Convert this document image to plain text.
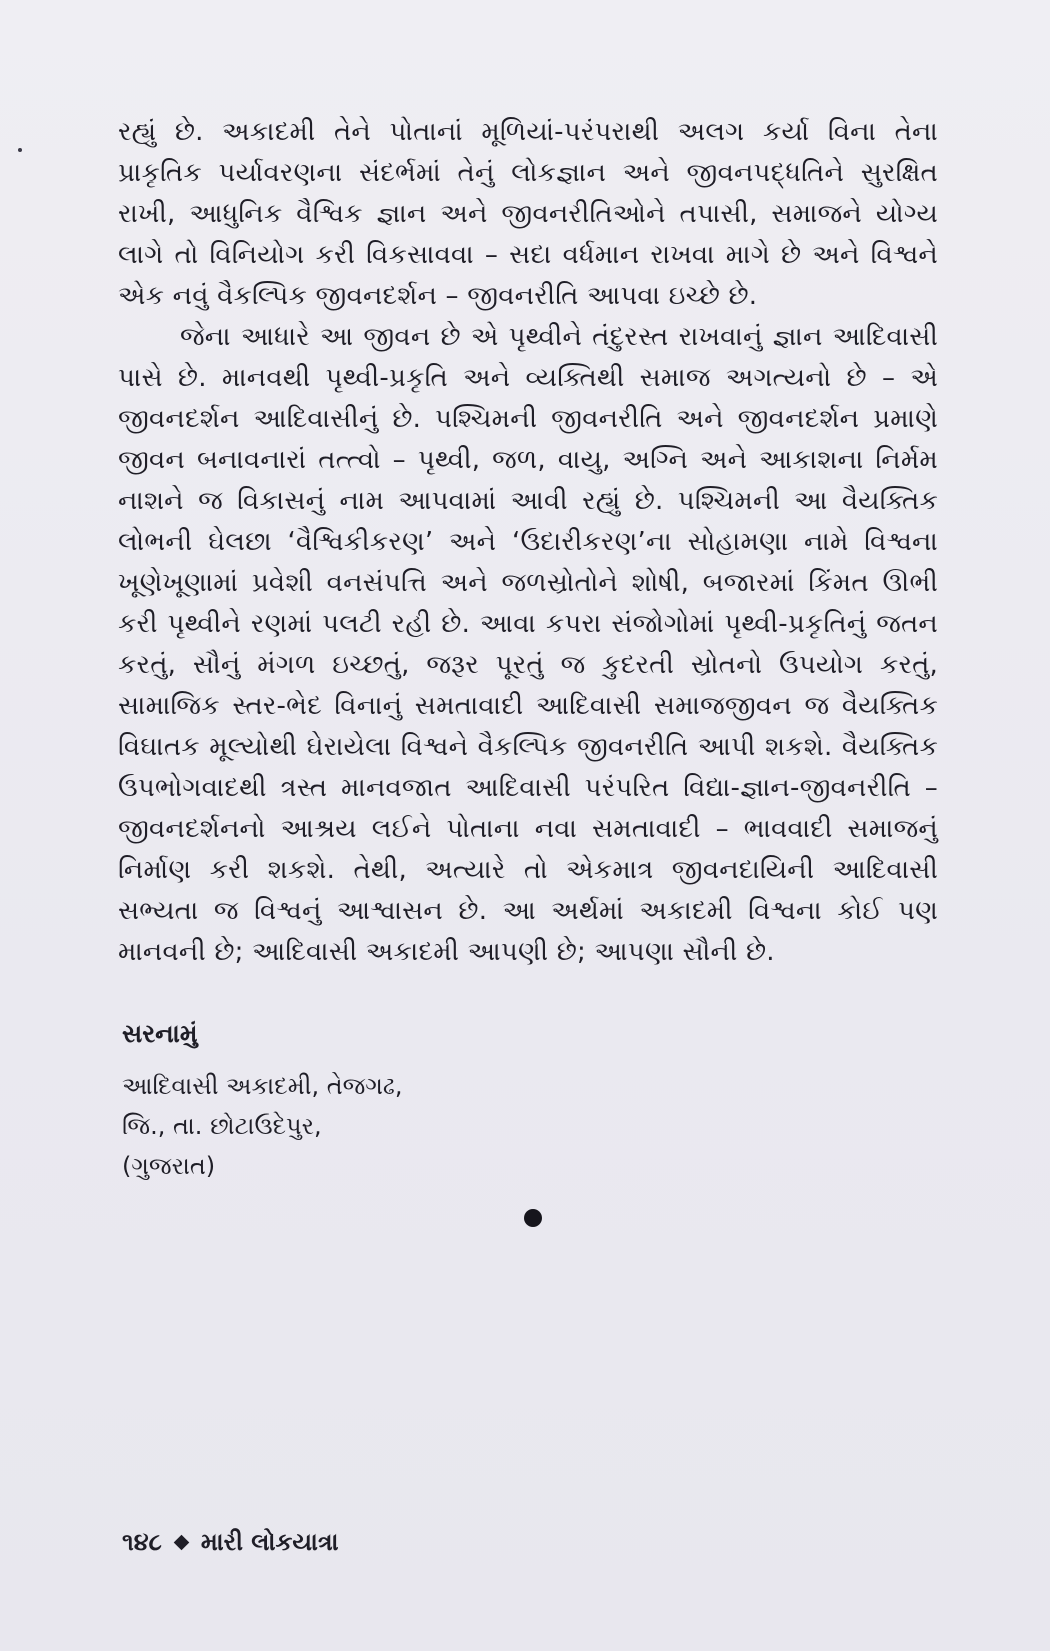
રહ્યું છે. અકાદમી તેને પોતાનાં મૂળિયાં-પરંપરાથી અલગ કર્યા વિના તેના પ્રાકૃતિક પર્યાવરણના સંદર્ભમાં તેનું લોકજ્ઞાન અને જીવનપદ્ધતિને સુરક્ષિત રાખી, આધુનિક વૈશ્વિક જ્ઞાન અને જીવનરીતિઓને તપાસી, સમાજને યોગ્ય લાગે તો વિનિયોગ કરી વિકસાવવા – સદા વર્ધમાન રાખવા માગે છે અને વિશ્વને એક નવું વૈકલ્પિક જીવનદર્શન – જીવનરીતિ આપવા ઇચ્છે છે.

જેના આધારે આ જીવન છે એ પૃથ્વીને તંદુરસ્ત રાખવાનું જ્ઞાન આદિવાસી પાસે છે. માનવથી પૃથ્વી-પ્રકૃતિ અને વ્યક્તિથી સમાજ અગત્યનો છે – એ જીવનદર્શન આદિવાસીનું છે. પશ્ચિમની જીવનરીતિ અને જીવનદર્શન પ્રમાણે જીવન બનાવનારાં તત્ત્વો – પૃથ્વી, જળ, વાયુ, અગ્નિ અને આકાશના નિર્મમ નાશને જ વિકાસનું નામ આપવામાં આવી રહ્યું છે. પશ્ચિમની આ વૈયક્તિક લોભની ઘેલછા ‘વૈશ્વિકીકરણ’ અને ‘ઉદારીકરણ’ના સોહામણા નામે વિશ્વના ખૂણેખૂણામાં પ્રવેશી વનસંપત્તિ અને જળસ્રોતોને શોષી, બજારમાં કિંમત ઊભી કરી પૃથ્વીને રણમાં પલટી રહી છે. આવા કપરા સંજોગોમાં પૃથ્વી-પ્રકૃતિનું જતન કરતું, સૌનું મંગળ ઇચ્છતું, જરૂર પૂરતું જ કુદરતી સ્રોતનો ઉપયોગ કરતું, સામાજિક સ્તર-ભેદ વિનાનું સમતાવાદી આદિવાસી સમાજજીવન જ વૈયક્તિક વિઘાતક મૂલ્યોથી ઘેરાયેલા વિશ્વને વૈકલ્પિક જીવનરીતિ આપી શકશે. વૈયક્તિક ઉપભોગવાદથી ત્રસ્ત માનવજાત આદિવાસી પરંપરિત વિદ્યા-જ્ઞાન-જીવનરીતિ – જીવનદર્શનનો આશ્રય લઈને પોતાના નવા સમતાવાદી – ભાવવાદી સમાજનું નિર્માણ કરી શકશે. તેથી, અત્યારે તો એકમાત્ર જીવનદાયિની આદિવાસી સભ્યતા જ વિશ્વનું આશ્વાસન છે. આ અર્થમાં અકાદમી વિશ્વના કોઈ પણ માનવની છે; આદિવાસી અકાદમી આપણી છે; આપણા સૌની છે.

સરનામું
આદિવાસી અકાદમી, તેજગઢ,
જિ., તા. છોટાઉદેપુર,
(ગુજરાત)
૧૪૮ મારી લોકયાત્રા
